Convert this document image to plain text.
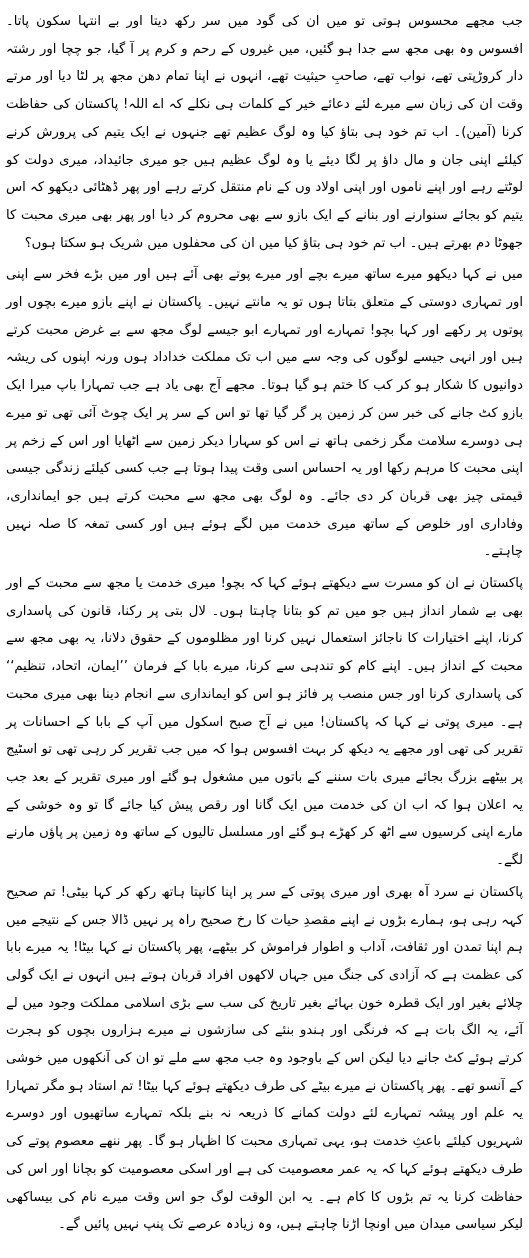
جب مجھے محسوس ہوتی تو میں ان کی گود میں سر رکھ دیتا اور بے انتہا سکون پاتا۔ افسوس وہ بھی مجھ سے جدا ہو گئیں، میں غیروں کے رحم و کرم پر آ گیا، جو چچا اور رشتہ دار کروڑپتی تھے، نواب تھے، صاحبِ حیثیت تھے، انہوں نے اپنا تمام دھن مجھ پر لٹا دیا اور مرتے وقت ان کی زبان سے میرے لئے دعائے خیر کے کلمات ہی نکلے کہ اے اللہ! پاکستان کی حفاظت کرنا (آمین)۔ اب تم خود ہی بتاؤ کیا وہ لوگ عظیم تھے جنہوں نے ایک یتیم کی پرورش کرنے کیلئے اپنی جان و مال داؤ پر لگا دیئے یا وہ لوگ عظیم ہیں جو میری جائیداد، میری دولت کو لوٹتے رہے اور اپنے ناموں اور اپنی اولاد وں کے نام منتقل کرتے رہے اور پھر ڈھٹائی دیکھو کہ اس یتیم کو بجائے سنوارنے اور بنانے کے ایک بازو سے بھی محروم کر دیا اور پھر بھی میری محبت کا جھوٹا دم بھرتے ہیں۔ اب تم خود ہی بتاؤ کیا میں ان کی محفلوں میں شریک ہو سکتا ہوں؟

میں نے کہا دیکھو میرے ساتھ میرے بچے اور میرے پوتے بھی آئے ہیں اور میں بڑے فخر سے اپنی اور تمہاری دوستی کے متعلق بتاتا ہوں تو یہ مانتے نہیں۔ پاکستان نے اپنے بازو میرے بچوں اور پوتوں پر رکھے اور کہا بچو! تمہارے اور تمہارے ابو جیسے لوگ مجھ سے بے غرض محبت کرتے ہیں اور انہی جیسے لوگوں کی وجہ سے میں اب تک مملکت خداداد ہوں ورنہ اپنوں کی ریشہ دوانیوں کا شکار ہو کر کب کا ختم ہو گیا ہوتا۔ مجھے آج بھی یاد ہے جب تمہارا باپ میرا ایک بازو کٹ جانے کی خبر سن کر زمین پر گر گیا تھا تو اس کے سر پر ایک چوٹ آئی تھی تو میرے ہی دوسرے سلامت مگر زخمی ہاتھ نے اس کو سہارا دیکر زمین سے اٹھایا اور اس کے زخم پر اپنی محبت کا مرہم رکھا اور یہ احساس اسی وقت پیدا ہوتا ہے جب کسی کیلئے زندگی جیسی قیمتی چیز بھی قربان کر دی جائے۔ وہ لوگ بھی مجھ سے محبت کرتے ہیں جو ایمانداری، وفاداری اور خلوص کے ساتھ میری خدمت میں لگے ہوئے ہیں اور کسی تمغہ کا صلہ نہیں چاہتے۔

پاکستان نے ان کو مسرت سے دیکھتے ہوئے کہا کہ بچو! میری خدمت یا مجھ سے محبت کے اور بھی بے شمار انداز ہیں جو میں تم کو بتانا چاہتا ہوں۔ لال بتی پر رکنا، قانون کی پاسداری کرنا، اپنے اختیارات کا ناجائز استعمال نہیں کرنا اور مظلوموں کے حقوق دلانا، یہ بھی مجھ سے محبت کے انداز ہیں۔ اپنے کام کو تندہی سے کرنا، میرے بابا کے فرمان ’’ایمان، اتحاد، تنظیم‘‘ کی پاسداری کرنا اور جس منصب پر فائز ہو اس کو ایمانداری سے انجام دینا بھی میری محبت ہے۔ میری پوتی نے کہا کہ پاکستان! میں نے آج صبح اسکول میں آپ کے بابا کے احسانات پر تقریر کی تھی اور مجھے یہ دیکھ کر بہت افسوس ہوا کہ میں جب تقریر کر رہی تھی تو اسٹیج پر بیٹھے بزرگ بجائے میری بات سننے کے باتوں میں مشغول ہو گئے اور میری تقریر کے بعد جب یہ اعلان ہوا کہ اب ان کی خدمت میں ایک گانا اور رقص پیش کیا جائے گا تو وہ خوشی کے مارے اپنی کرسیوں سے اٹھ کر کھڑے ہو گئے اور مسلسل تالیوں کے ساتھ وہ زمین پر پاؤں مارنے لگے۔

پاکستان نے سرد آہ بھری اور میری پوتی کے سر پر اپنا کانپتا ہاتھ رکھ کر کہا بیٹی! تم صحیح کہہ رہی ہو، ہمارے بڑوں نے اپنے مقصدِ حیات کا رخ صحیح راہ پر نہیں ڈالا جس کے نتیجے میں ہم اپنا تمدن اور ثقافت، آداب و اطوار فراموش کر بیٹھے، پھر پاکستان نے کہا بیٹا! یہ میرے بابا کی عظمت ہے کہ آزادی کی جنگ میں جہاں لاکھوں افراد قربان ہوتے ہیں انہوں نے ایک گولی چلائے بغیر اور ایک قطرہ خون بہائے بغیر تاریخ کی سب سے بڑی اسلامی مملکت وجود میں لے آئے، یہ الگ بات ہے کہ فرنگی اور ہندو بنئے کی سازشوں نے میرے ہزاروں بچوں کو ہجرت کرتے ہوئے کٹ جانے دیا لیکن اس کے باوجود وہ جب مجھ سے ملے تو ان کی آنکھوں میں خوشی کے آنسو تھے۔ پھر پاکستان نے میرے بیٹے کی طرف دیکھتے ہوئے کہا بیٹا! تم استاد ہو مگر تمہارا یہ علم اور پیشہ تمہارے لئے دولت کمانے کا ذریعہ نہ بنے بلکہ تمہارے ساتھیوں اور دوسرے شہریوں کیلئے باعثِ خدمت ہو، یہی تمہاری محبت کا اظہار ہو گا۔ پھر ننھے معصوم پوتے کی طرف دیکھتے ہوئے کہا کہ یہ عمر معصومیت کی ہے اور اسکی معصومیت کو بچانا اور اس کی حفاظت کرنا یہ تم بڑوں کا کام ہے۔ یہ ابن الوقت لوگ جو اس وقت میرے نام کی بیساکھی لیکر سیاسی میدان میں اونچا اڑنا چاہتے ہیں، وہ زیادہ عرصے تک پنپ نہیں پائیں گے۔
